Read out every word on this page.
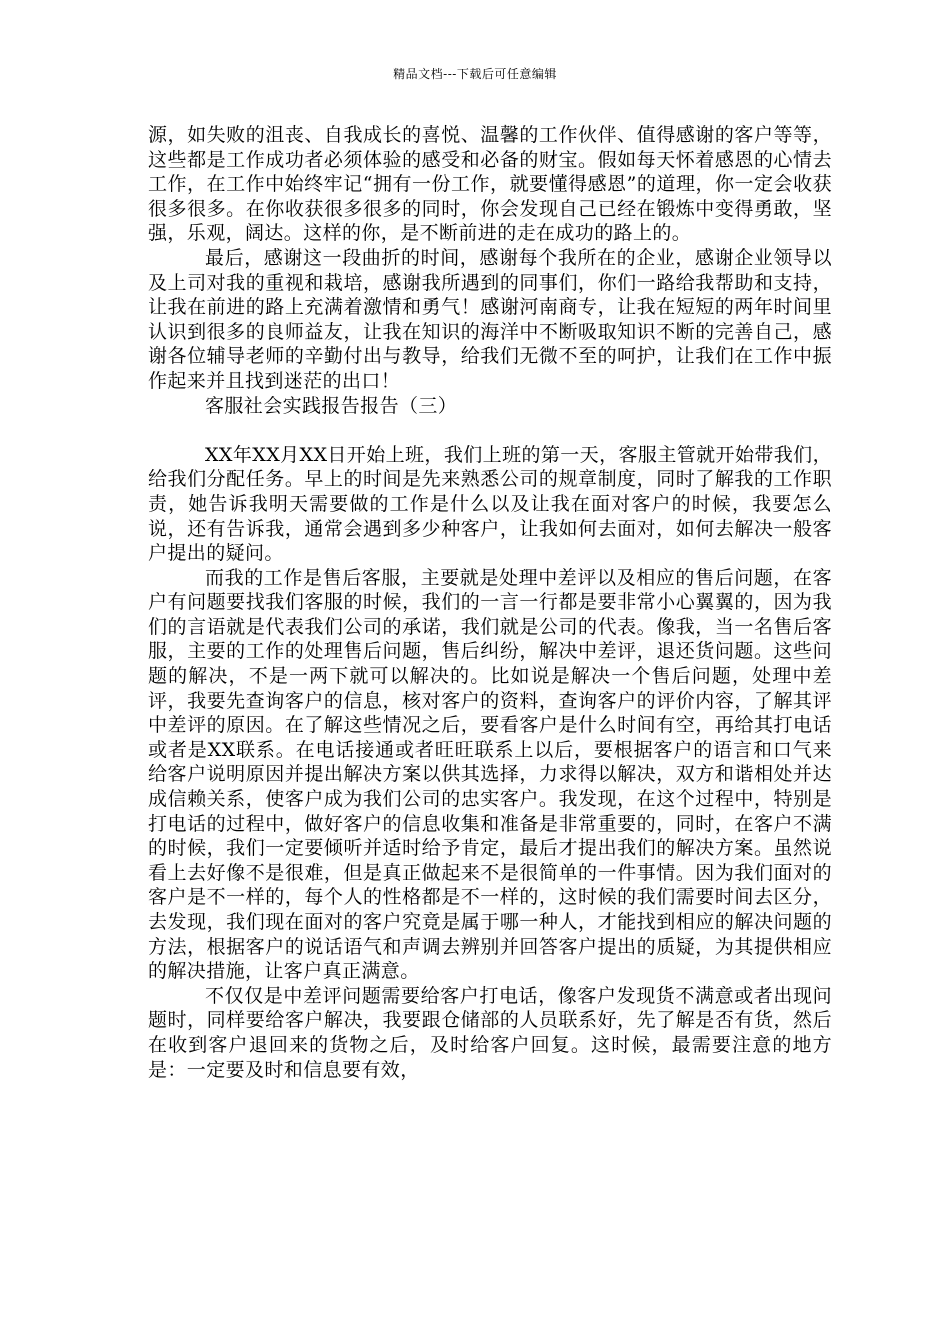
精品文档---下载后可任意编辑

源，如失败的沮丧、自我成长的喜悦、温馨的工作伙伴、值得感谢的客户等等，这些都是工作成功者必须体验的感受和必备的财宝。假如每天怀着感恩的心情去工作，在工作中始终牢记“拥有一份工作，就要懂得感恩”的道理，你一定会收获很多很多。在你收获很多很多的同时，你会发现自己已经在锻炼中变得勇敢，坚强，乐观，阔达。这样的你，是不断前进的走在成功的路上的。

最后，感谢这一段曲折的时间，感谢每个我所在的企业，感谢企业领导以及上司对我的重视和栽培，感谢我所遇到的同事们，你们一路给我帮助和支持，让我在前进的路上充满着激情和勇气！感谢河南商专，让我在短短的两年时间里认识到很多的良师益友，让我在知识的海洋中不断吸取知识不断的完善自己，感谢各位辅导老师的辛勤付出与教导，给我们无微不至的呵护，让我们在工作中振作起来并且找到迷茫的出口！

客服社会实践报告报告（三）

XX年XX月XX日开始上班，我们上班的第一天，客服主管就开始带我们，给我们分配任务。早上的时间是先来熟悉公司的规章制度，同时了解我的工作职责，她告诉我明天需要做的工作是什么以及让我在面对客户的时候，我要怎么说，还有告诉我，通常会遇到多少种客户，让我如何去面对，如何去解决一般客户提出的疑问。

而我的工作是售后客服，主要就是处理中差评以及相应的售后问题，在客户有问题要找我们客服的时候，我们的一言一行都是要非常小心翼翼的，因为我们的言语就是代表我们公司的承诺，我们就是公司的代表。像我，当一名售后客服，主要的工作的处理售后问题，售后纠纷，解决中差评，退还货问题。这些问题的解决，不是一两下就可以解决的。比如说是解决一个售后问题，处理中差评，我要先查询客户的信息，核对客户的资料，查询客户的评价内容，了解其评中差评的原因。在了解这些情况之后，要看客户是什么时间有空，再给其打电话或者是XX联系。在电话接通或者旺旺联系上以后，要根据客户的语言和口气来给客户说明原因并提出解决方案以供其选择，力求得以解决，双方和谐相处并达成信赖关系，使客户成为我们公司的忠实客户。我发现，在这个过程中，特别是打电话的过程中，做好客户的信息收集和准备是非常重要的，同时，在客户不满的时候，我们一定要倾听并适时给予肯定，最后才提出我们的解决方案。虽然说看上去好像不是很难，但是真正做起来不是很简单的一件事情。因为我们面对的客户是不一样的，每个人的性格都是不一样的，这时候的我们需要时间去区分，去发现，我们现在面对的客户究竟是属于哪一种人，才能找到相应的解决问题的方法，根据客户的说话语气和声调去辨别并回答客户提出的质疑，为其提供相应的解决措施，让客户真正满意。

不仅仅是中差评问题需要给客户打电话，像客户发现货不满意或者出现问题时，同样要给客户解决，我要跟仓储部的人员联系好，先了解是否有货，然后在收到客户退回来的货物之后，及时给客户回复。这时候，最需要注意的地方是：一定要及时和信息要有效，
